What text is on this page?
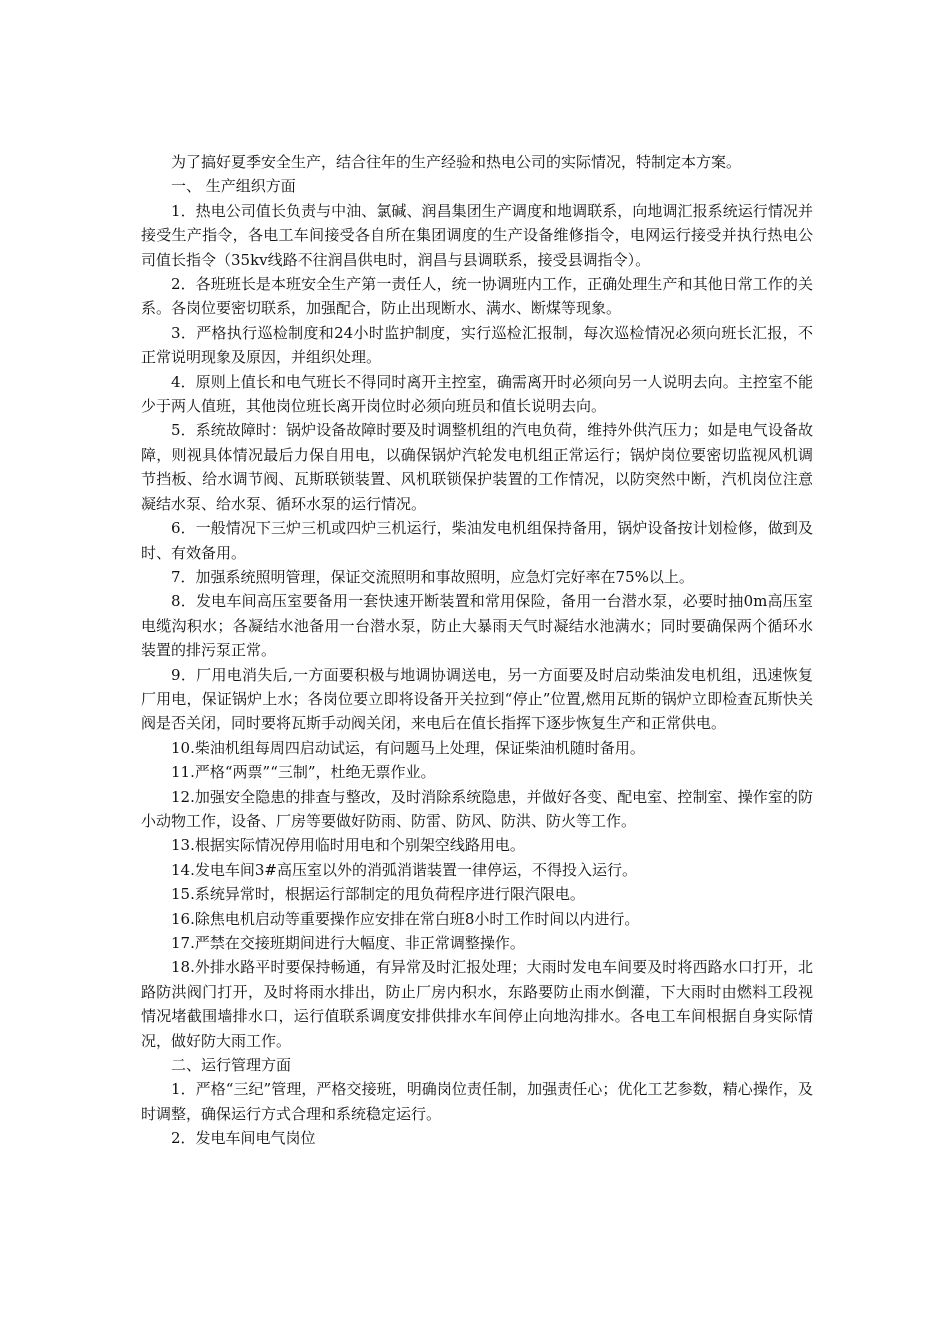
为了搞好夏季安全生产，结合往年的生产经验和热电公司的实际情况，特制定本方案。

一、 生产组织方面

1．热电公司值长负责与中油、氯碱、润昌集团生产调度和地调联系，向地调汇报系统运行情况并接受生产指令，各电工车间接受各自所在集团调度的生产设备维修指令，电网运行接受并执行热电公司值长指令（35kv线路不往润昌供电时，润昌与县调联系，接受县调指令）。

2．各班班长是本班安全生产第一责任人，统一协调班内工作，正确处理生产和其他日常工作的关系。各岗位要密切联系，加强配合，防止出现断水、满水、断煤等现象。

3．严格执行巡检制度和24小时监护制度，实行巡检汇报制，每次巡检情况必须向班长汇报，不正常说明现象及原因，并组织处理。

4．原则上值长和电气班长不得同时离开主控室，确需离开时必须向另一人说明去向。主控室不能少于两人值班，其他岗位班长离开岗位时必须向班员和值长说明去向。

5．系统故障时：锅炉设备故障时要及时调整机组的汽电负荷，维持外供汽压力；如是电气设备故障，则视具体情况最后力保自用电，以确保锅炉汽轮发电机组正常运行；锅炉岗位要密切监视风机调节挡板、给水调节阀、瓦斯联锁装置、风机联锁保护装置的工作情况，以防突然中断，汽机岗位注意凝结水泵、给水泵、循环水泵的运行情况。

6．一般情况下三炉三机或四炉三机运行，柴油发电机组保持备用，锅炉设备按计划检修，做到及时、有效备用。

7．加强系统照明管理，保证交流照明和事故照明，应急灯完好率在75%以上。

8．发电车间高压室要备用一套快速开断装置和常用保险，备用一台潜水泵，必要时抽0m高压室电缆沟积水；各凝结水池备用一台潜水泵，防止大暴雨天气时凝结水池满水；同时要确保两个循环水装置的排污泵正常。

9．厂用电消失后,一方面要积极与地调协调送电，另一方面要及时启动柴油发电机组，迅速恢复厂用电，保证锅炉上水；各岗位要立即将设备开关拉到“停止”位置,燃用瓦斯的锅炉立即检查瓦斯快关阀是否关闭，同时要将瓦斯手动阀关闭，来电后在值长指挥下逐步恢复生产和正常供电。

10.柴油机组每周四启动试运，有问题马上处理，保证柴油机随时备用。

11.严格“两票”“三制”，杜绝无票作业。

12.加强安全隐患的排查与整改，及时消除系统隐患，并做好各变、配电室、控制室、操作室的防小动物工作，设备、厂房等要做好防雨、防雷、防风、防洪、防火等工作。

13.根据实际情况停用临时用电和个别架空线路用电。

14.发电车间3#高压室以外的消弧消谐装置一律停运，不得投入运行。

15.系统异常时，根据运行部制定的甩负荷程序进行限汽限电。

16.除焦电机启动等重要操作应安排在常白班8小时工作时间以内进行。

17.严禁在交接班期间进行大幅度、非正常调整操作。

18.外排水路平时要保持畅通，有异常及时汇报处理；大雨时发电车间要及时将西路水口打开，北路防洪阀门打开，及时将雨水排出，防止厂房内积水，东路要防止雨水倒灌，下大雨时由燃料工段视情况堵截围墙排水口，运行值联系调度安排供排水车间停止向地沟排水。各电工车间根据自身实际情况，做好防大雨工作。

二、运行管理方面

1．严格“三纪”管理，严格交接班，明确岗位责任制，加强责任心；优化工艺参数，精心操作，及时调整，确保运行方式合理和系统稳定运行。

2．发电车间电气岗位
